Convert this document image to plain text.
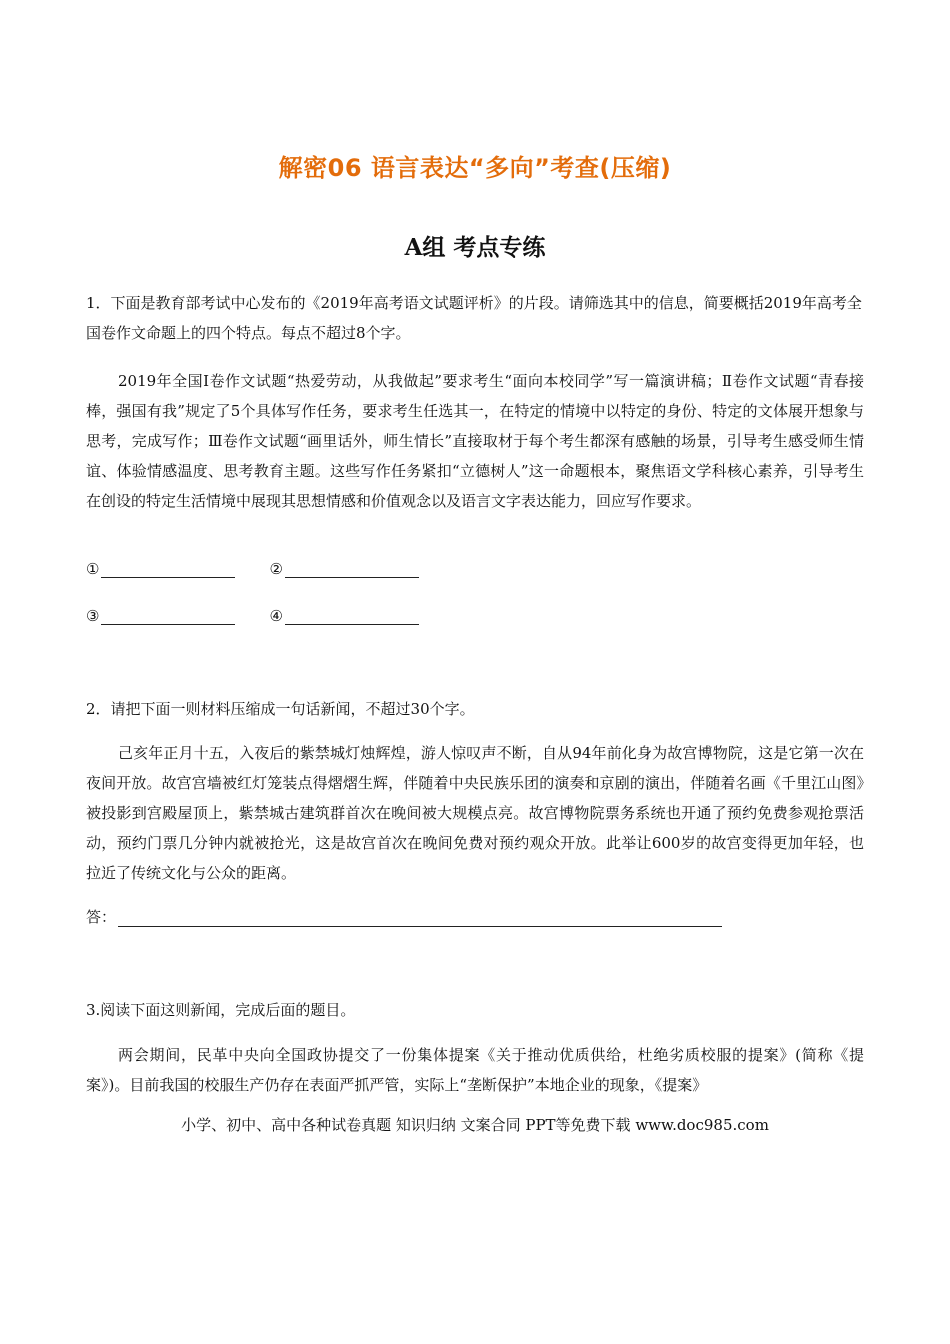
解密06 语言表达“多向”考查(压缩)
A组 考点专练
1．下面是教育部考试中心发布的《2019年高考语文试题评析》的片段。请筛选其中的信息，简要概括2019年高考全国卷作文命题上的四个特点。每点不超过8个字。
2019年全国Ⅰ卷作文试题“热爱劳动，从我做起”要求考生“面向本校同学”写一篇演讲稿；Ⅱ卷作文试题“青春接棒，强国有我”规定了5个具体写作任务，要求考生任选其一，在特定的情境中以特定的身份、特定的文体展开想象与思考，完成写作；Ⅲ卷作文试题“画里话外，师生情长”直接取材于每个考生都深有感触的场景，引导考生感受师生情谊、体验情感温度、思考教育主题。这些写作任务紧扣“立德树人”这一命题根本，聚焦语文学科核心素养，引导考生在创设的特定生活情境中展现其思想情感和价值观念以及语言文字表达能力，回应写作要求。
①	②
③	④
2．请把下面一则材料压缩成一句话新闻，不超过30个字。
己亥年正月十五，入夜后的紫禁城灯烛辉煌，游人惊叹声不断，自从94年前化身为故宫博物院，这是它第一次在夜间开放。故宫宫墙被红灯笼装点得熠熠生辉，伴随着中央民族乐团的演奏和京剧的演出，伴随着名画《千里江山图》被投影到宫殿屋顶上，紫禁城古建筑群首次在晚间被大规模点亮。故宫博物院票务系统也开通了预约免费参观抢票活动，预约门票几分钟内就被抢光，这是故宫首次在晚间免费对预约观众开放。此举让600岁的故宫变得更加年轻，也拉近了传统文化与公众的距离。
答：
3.阅读下面这则新闻，完成后面的题目。
两会期间，民革中央向全国政协提交了一份集体提案《关于推动优质供给，杜绝劣质校服的提案》(简称《提案》)。目前我国的校服生产仍存在表面严抓严管，实际上“垄断保护”本地企业的现象，《提案》
小学、初中、高中各种试卷真题 知识归纳 文案合同 PPT等免费下载 www.doc985.com
